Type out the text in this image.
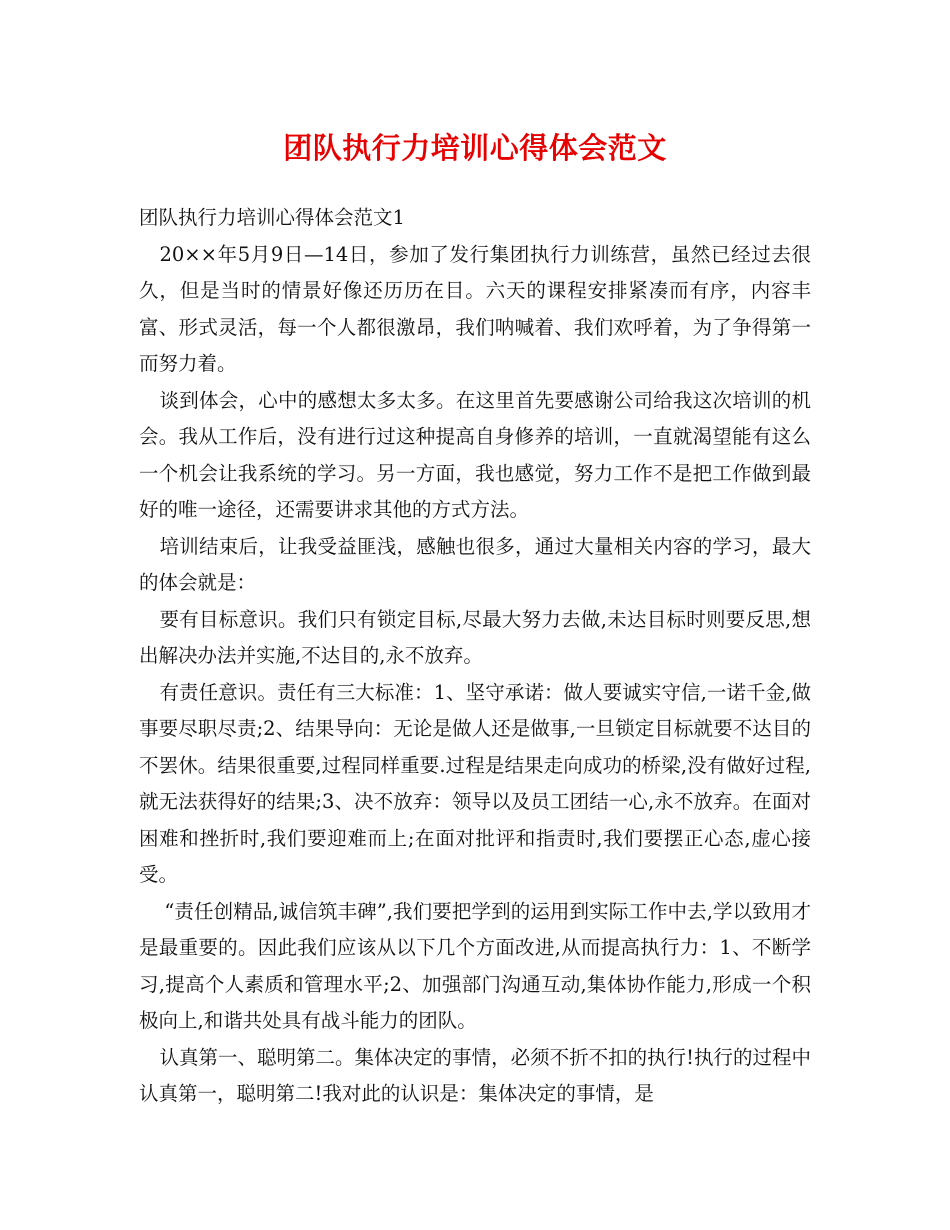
团队执行力培训心得体会范文

团队执行力培训心得体会范文1

20××年5月9日—14日，参加了发行集团执行力训练营，虽然已经过去很久，但是当时的情景好像还历历在目。六天的课程安排紧凑而有序，内容丰富、形式灵活，每一个人都很激昂，我们呐喊着、我们欢呼着，为了争得第一而努力着。

谈到体会，心中的感想太多太多。在这里首先要感谢公司给我这次培训的机会。我从工作后，没有进行过这种提高自身修养的培训，一直就渴望能有这么一个机会让我系统的学习。另一方面，我也感觉，努力工作不是把工作做到最好的唯一途径，还需要讲求其他的方式方法。

培训结束后，让我受益匪浅，感触也很多，通过大量相关内容的学习，最大的体会就是：

要有目标意识。我们只有锁定目标,尽最大努力去做,未达目标时则要反思,想出解决办法并实施,不达目的,永不放弃。

有责任意识。责任有三大标准：1、坚守承诺：做人要诚实守信,一诺千金,做事要尽职尽责;2、结果导向：无论是做人还是做事,一旦锁定目标就要不达目的不罢休。结果很重要,过程同样重要.过程是结果走向成功的桥梁,没有做好过程,就无法获得好的结果;3、决不放弃：领导以及员工团结一心,永不放弃。在面对困难和挫折时,我们要迎难而上;在面对批评和指责时,我们要摆正心态,虚心接受。

“责任创精品,诚信筑丰碑”,我们要把学到的运用到实际工作中去,学以致用才是最重要的。因此我们应该从以下几个方面改进,从而提高执行力：1、不断学习,提高个人素质和管理水平;2、加强部门沟通互动,集体协作能力,形成一个积极向上,和谐共处具有战斗能力的团队。

认真第一、聪明第二。集体决定的事情，必须不折不扣的执行!执行的过程中认真第一，聪明第二!我对此的认识是：集体决定的事情，是
